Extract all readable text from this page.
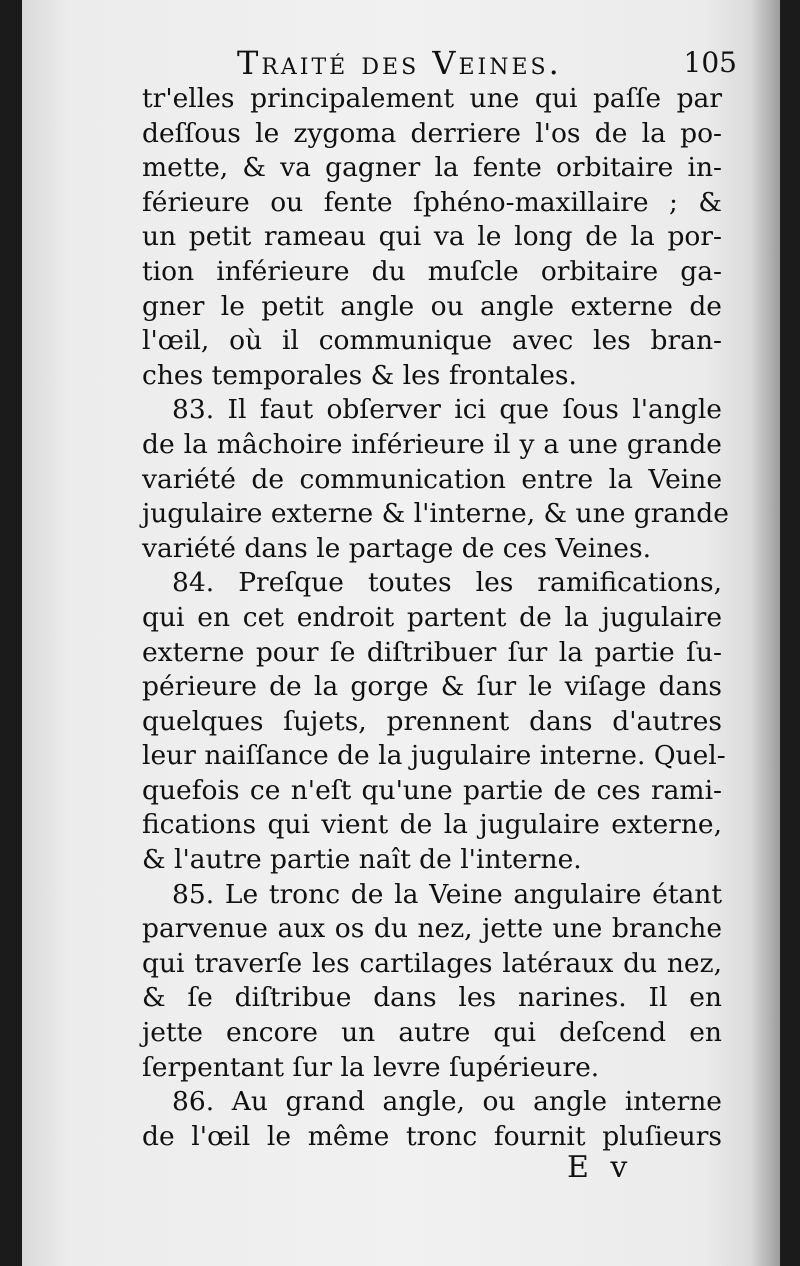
Traité des Veines.	105
tr'elles principalement une qui paſſe par
deſſous le zygoma derriere l'os de la po-
mette, & va gagner la fente orbitaire in-
férieure ou fente ſphéno-maxillaire ; &
un petit rameau qui va le long de la por-
tion inférieure du muſcle orbitaire ga-
gner le petit angle ou angle externe de
l'œil, où il communique avec les bran-
ches temporales & les frontales.
83. Il faut obſerver ici que ſous l'angle
de la mâchoire inférieure il y a une grande
variété de communication entre la Veine
jugulaire externe & l'interne, & une grande
variété dans le partage de ces Veines.
84. Preſque toutes les ramifications,
qui en cet endroit partent de la jugulaire
externe pour ſe diſtribuer ſur la partie ſu-
périeure de la gorge & ſur le viſage dans
quelques ſujets, prennent dans d'autres
leur naiſſance de la jugulaire interne. Quel-
quefois ce n'eſt qu'une partie de ces rami-
fications qui vient de la jugulaire externe,
& l'autre partie naît de l'interne.
85. Le tronc de la Veine angulaire étant
parvenue aux os du nez, jette une branche
qui traverſe les cartilages latéraux du nez,
& ſe diſtribue dans les narines. Il en
jette encore un autre qui deſcend en
ſerpentant ſur la levre ſupérieure.
86. Au grand angle, ou angle interne
de l'œil le même tronc fournit pluſieurs
E v
